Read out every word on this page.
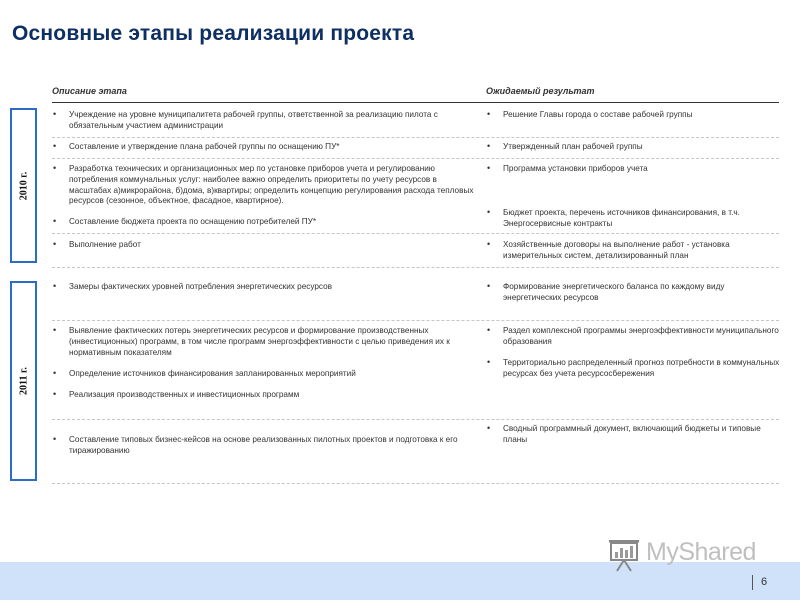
Основные этапы реализации проекта
Описание этапа	Ожидаемый результат
2010 г.
2011 г.
• Учреждение на уровне муниципалитета рабочей группы, ответственной за реализацию пилота с обязательным участием администрации
• Составление и утверждение плана рабочей группы по оснащению ПУ*
• Разработка технических и организационных мер по установке приборов учета и регулированию потребления коммунальных услуг: наиболее важно определить приоритеты по учету ресурсов в масштабах а)микрорайона, б)дома, в)квартиры; определить концепцию регулирования расхода тепловых ресурсов (сезонное, объектное, фасадное, квартирное).
• Составление бюджета проекта по оснащению потребителей ПУ*
• Выполнение работ
• Замеры фактических уровней потребления энергетических ресурсов
• Выявление фактических потерь энергетических ресурсов и формирование производственных (инвестиционных) программ, в том числе программ энергоэффективности с целью приведения их к нормативным показателям
• Определение источников финансирования запланированных мероприятий
• Реализация производственных и инвестиционных программ
• Составление типовых бизнес-кейсов на основе реализованных пилотных проектов и подготовка к его тиражированию
• Решение Главы города о составе рабочей группы
• Утвержденный план рабочей группы
• Программа установки приборов учета
• Бюджет проекта, перечень источников финансирования, в т.ч. Энергосервисные контракты
• Хозяйственные договоры на выполнение работ - установка измерительных систем, детализированный план
• Формирование энергетического баланса по каждому виду энергетических ресурсов
• Раздел комплексной программы энергоэффективности муниципального образования
• Территориально распределенный прогноз потребности в коммунальных ресурсах без учета ресурсосбережения
• Сводный программный документ, включающий бюджеты и типовые планы
MyShared
6
